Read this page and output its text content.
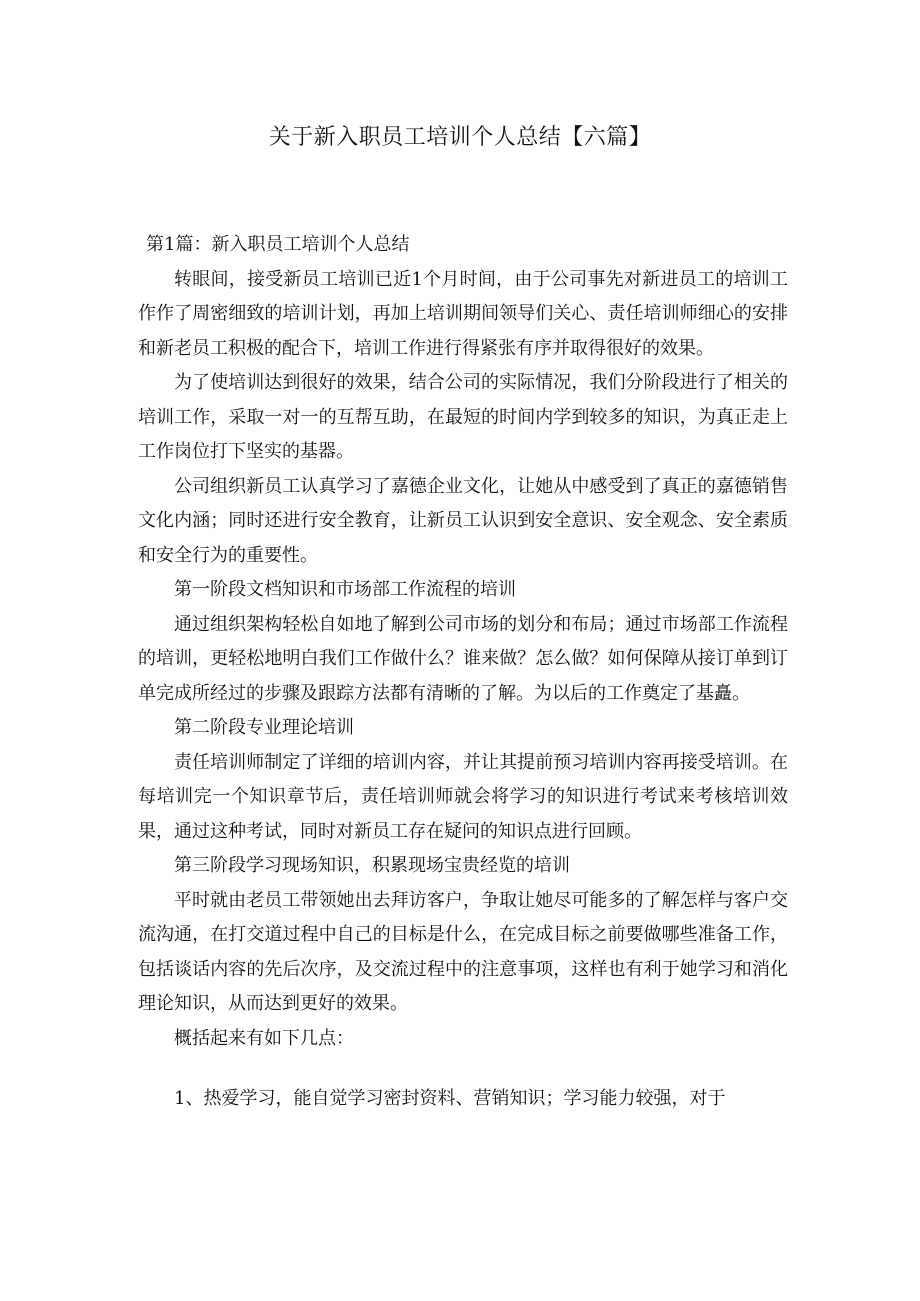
关于新入职员工培训个人总结【六篇】

第1篇：新入职员工培训个人总结

转眼间，接受新员工培训已近1个月时间，由于公司事先对新进员工的培训工作作了周密细致的培训计划，再加上培训期间领导们关心、责任培训师细心的安排和新老员工积极的配合下，培训工作进行得紧张有序并取得很好的效果。

为了使培训达到很好的效果，结合公司的实际情况，我们分阶段进行了相关的培训工作，采取一对一的互帮互助，在最短的时间内学到较多的知识，为真正走上工作岗位打下坚实的基器。

公司组织新员工认真学习了嘉德企业文化，让她从中感受到了真正的嘉德销售文化内涵；同时还进行安全教育，让新员工认识到安全意识、安全观念、安全素质和安全行为的重要性。

第一阶段文档知识和市场部工作流程的培训

通过组织架构轻松自如地了解到公司市场的划分和布局；通过市场部工作流程的培训，更轻松地明白我们工作做什么？谁来做？怎么做？如何保障从接订单到订单完成所经过的步骤及跟踪方法都有清晰的了解。为以后的工作奠定了基矗。

第二阶段专业理论培训

责任培训师制定了详细的培训内容，并让其提前预习培训内容再接受培训。在每培训完一个知识章节后，责任培训师就会将学习的知识进行考试来考核培训效果，通过这种考试，同时对新员工存在疑问的知识点进行回顾。

第三阶段学习现场知识，积累现场宝贵经览的培训

平时就由老员工带领她出去拜访客户，争取让她尽可能多的了解怎样与客户交流沟通，在打交道过程中自己的目标是什么，在完成目标之前要做哪些准备工作，包括谈话内容的先后次序，及交流过程中的注意事项，这样也有利于她学习和消化理论知识，从而达到更好的效果。

概括起来有如下几点：

1、热爱学习，能自觉学习密封资料、营销知识；学习能力较强，对于
